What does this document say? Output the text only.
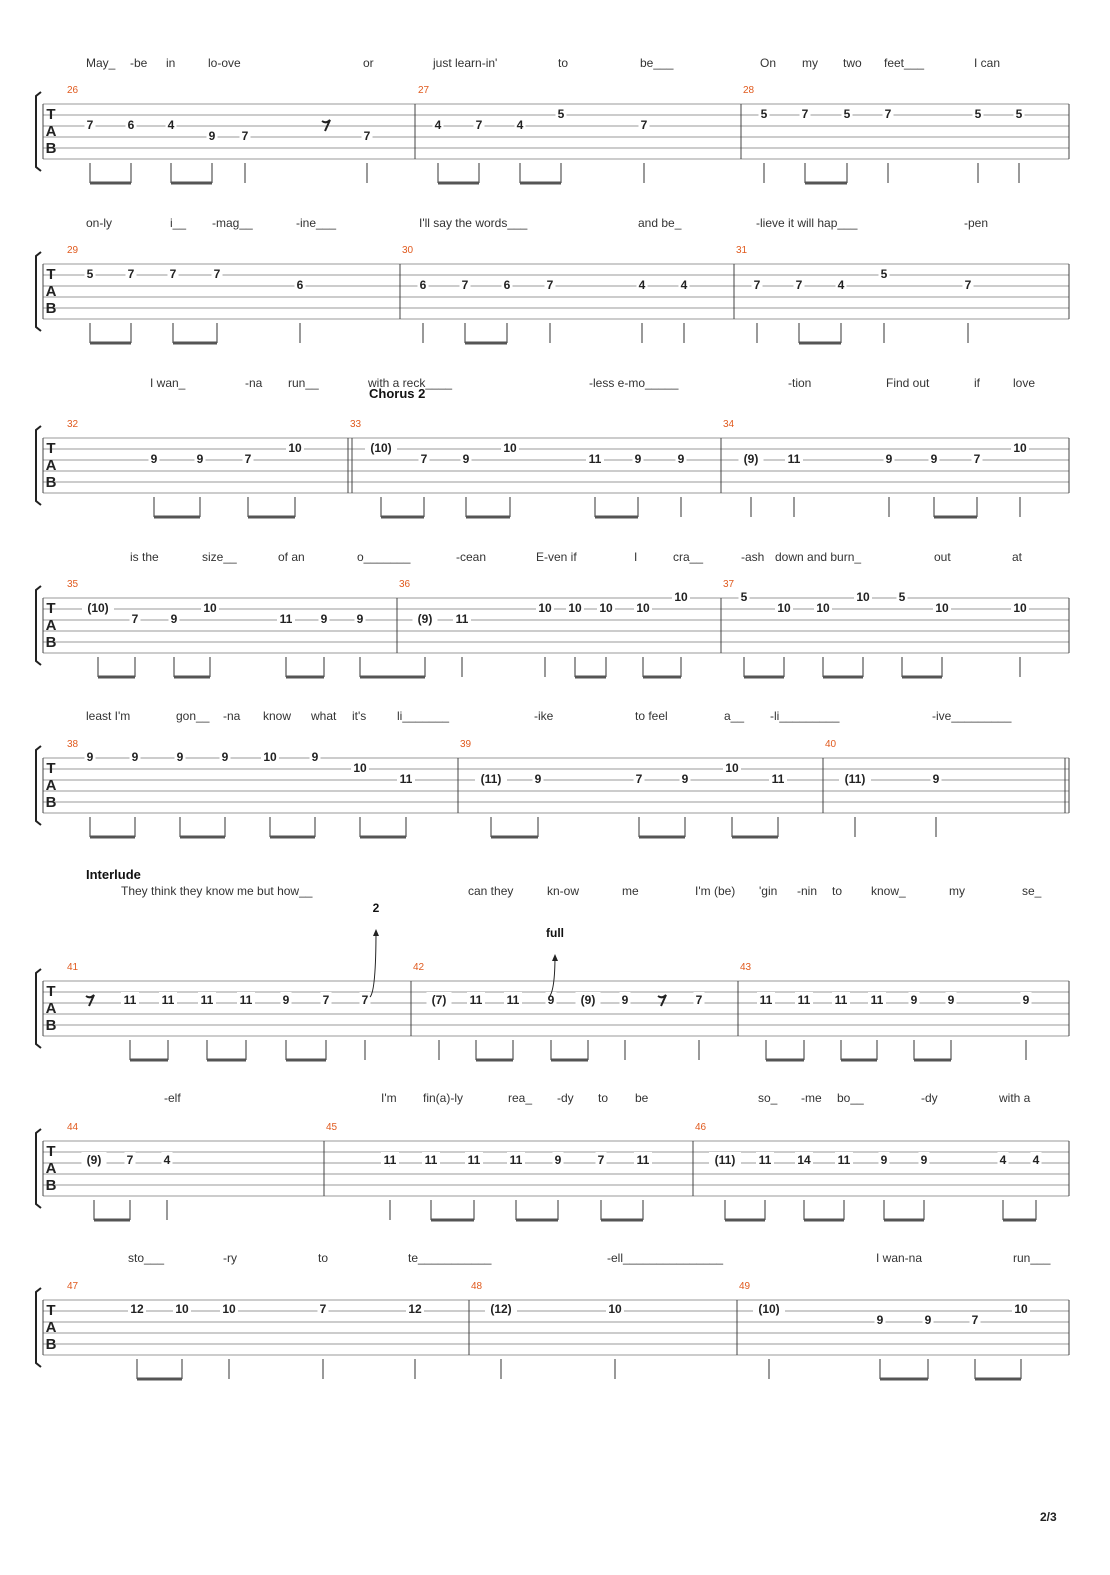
T
A
B
26	27	28
May_ -be in	lo-ove	or	just learn-in'	to	be___	On my two feet___	I can
7	6	4
9 7	7
4	7	4
5
7
5	7	5	7	5	5
T
A
B
29	30	31
on-ly	i__ -mag__	-ine___	I'll say the words___	and be_	-lieve it will hap___	-pen
5	7	7	7
6	6	7	6	7	4	4	7	7	4
5
7
T
A
B
32	33	34
Chorus 2
I wan_	-na run__	with a reck____	-less e-mo_____	-tion	Find out	if	love
9	9	7
10	(10)
7	9
10
11	9	9	(9) 11	9	9	7
10
T
A
B
35	36	37
is the	size__	of an	o_______	-cean	E-ven if	I	cra__	-ash down and burn_	out	at
(10)
7	9
10
11 9 9	(9) 11
10 10 10 10
10	5
10 10
10 5
10	10
T
A
B
38	39	40
least I'm	gon__ -na know what it's	li_______	-ike	to feel	a__ -li_________	-ive_________
9	9	9	9	10	9
10
11	(11)	9	7	9
10
11	(11)	9
T
A
B
41	42	43
Interlude
They think they know me but how__	can they	kn-ow	me	I'm (be) 'gin -nin to know_	my	se_
11 11 11 11	9	7	7	(7) 11 11 9 (9) 9	7	11 11 11 11 9	9	9
2
full
T
A
B
44	45	46
-elf	I'm fin(a)-ly	rea_ -dy to be	so_ -me bo__	-dy	with a
(9) 7	4	11 11	11 11	9	7	11	(11) 11 14 11	9	9	4 4
T
A
B
47	48	49
sto___	-ry	to	te___________	-ell_______________	I wan-na	run___
12	10	10	7	12	(12)	10	(10)
9	9	7
10
2/3
